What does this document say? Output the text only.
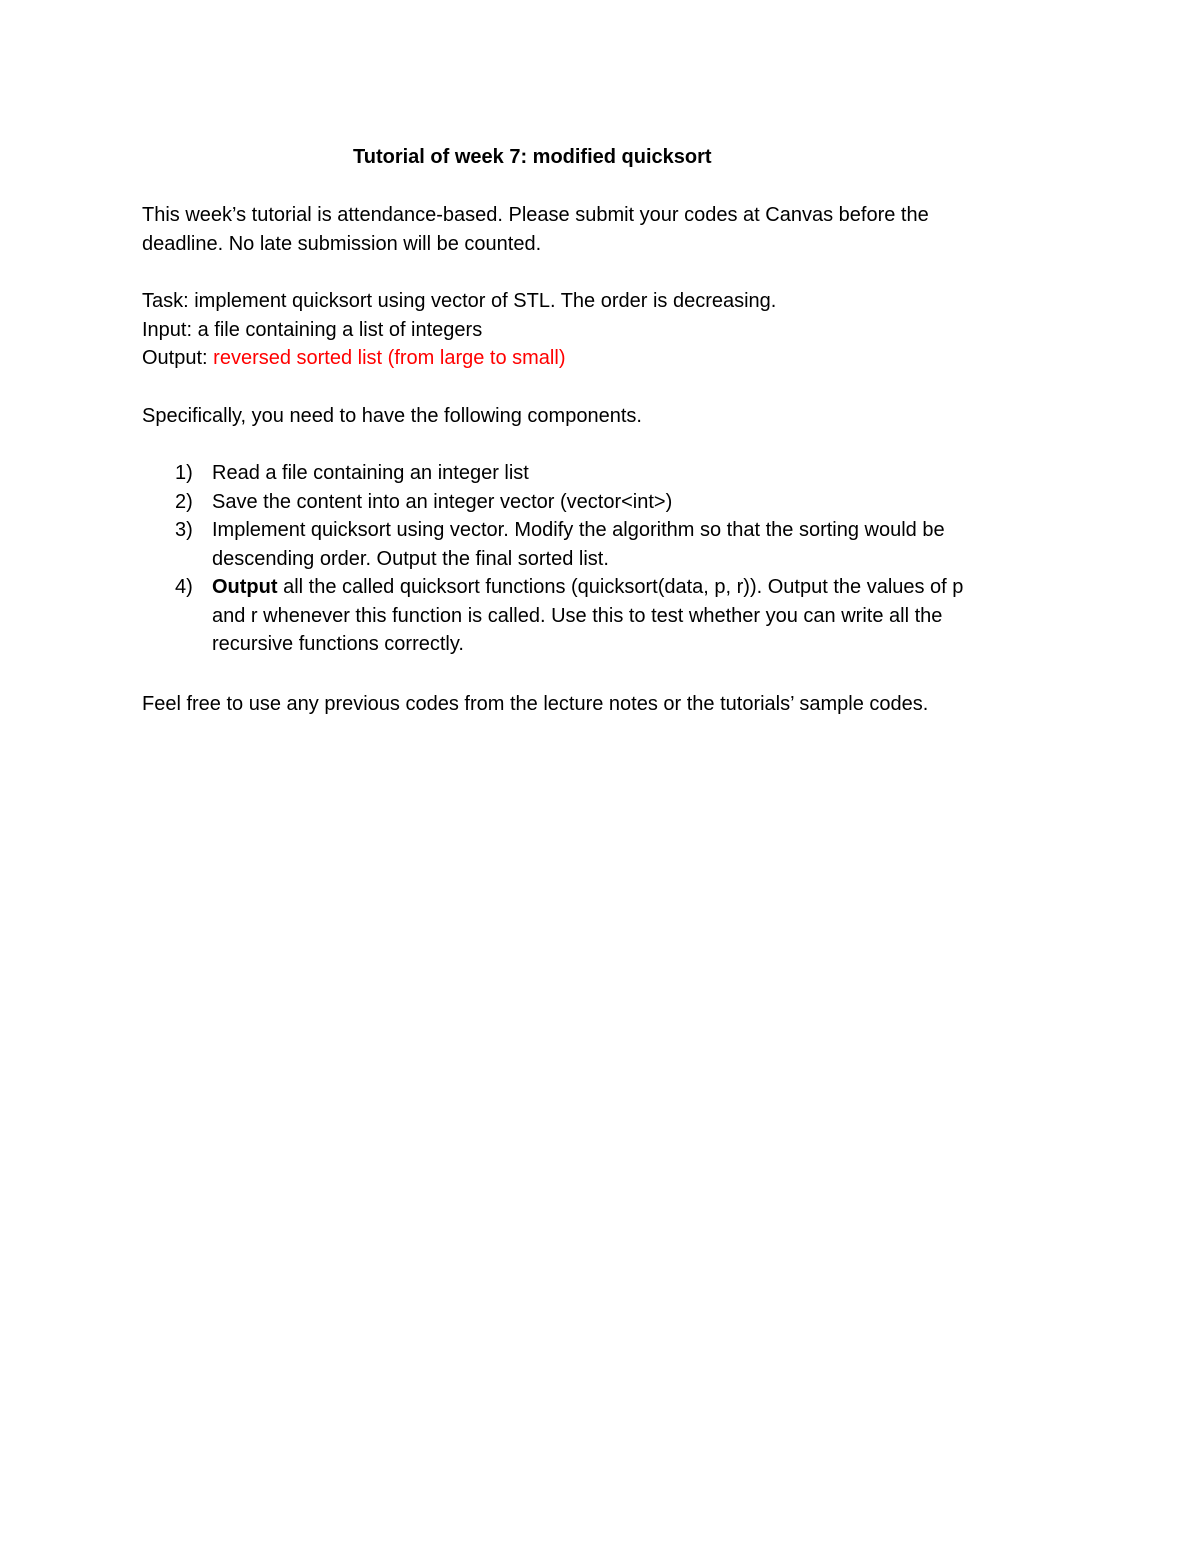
Tutorial of week 7: modified quicksort
This week’s tutorial is attendance-based. Please submit your codes at Canvas before the
deadline. No late submission will be counted.
Task: implement quicksort using vector of STL. The order is decreasing.
Input: a file containing a list of integers
Output: reversed sorted list (from large to small)
Specifically, you need to have the following components.
1) Read a file containing an integer list
2) Save the content into an integer vector (vector<int>)
3) Implement quicksort using vector. Modify the algorithm so that the sorting would be
descending order. Output the final sorted list.
4) Output all the called quicksort functions (quicksort(data, p, r)). Output the values of p
and r whenever this function is called. Use this to test whether you can write all the
recursive functions correctly.
Feel free to use any previous codes from the lecture notes or the tutorials’ sample codes.
